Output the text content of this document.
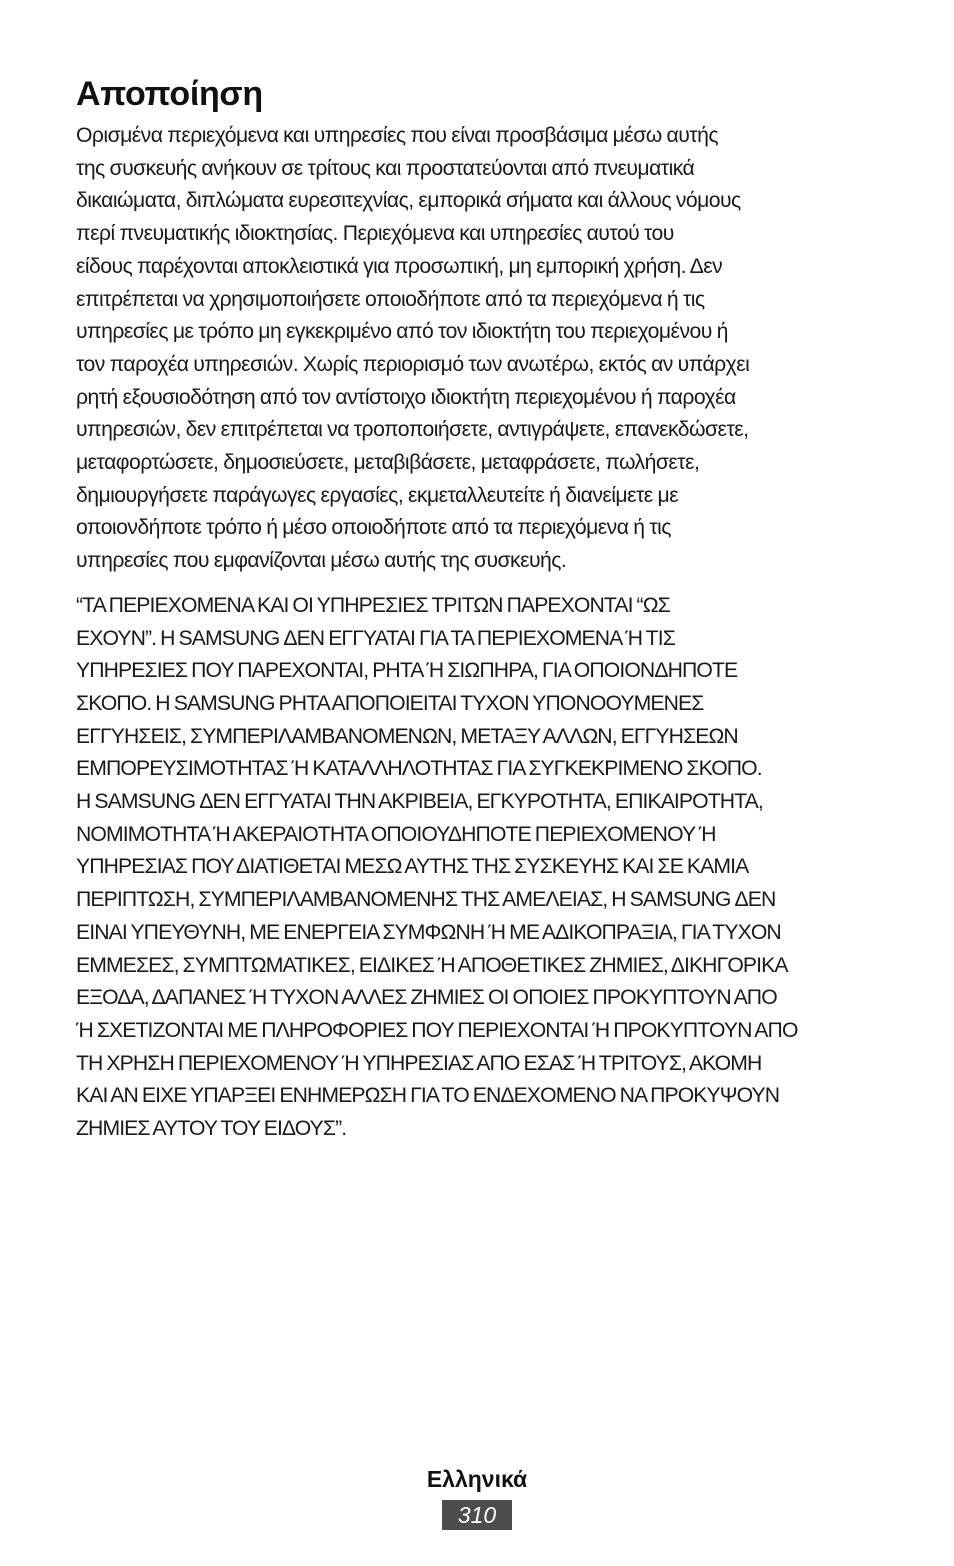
Αποποίηση

Ορισμένα περιεχόμενα και υπηρεσίες που είναι προσβάσιμα μέσω αυτής
της συσκευής ανήκουν σε τρίτους και προστατεύονται από πνευματικά
δικαιώματα, διπλώματα ευρεσιτεχνίας, εμπορικά σήματα και άλλους νόμους
περί πνευματικής ιδιοκτησίας. Περιεχόμενα και υπηρεσίες αυτού του
είδους παρέχονται αποκλειστικά για προσωπική, μη εμπορική χρήση. Δεν
επιτρέπεται να χρησιμοποιήσετε οποιοδήποτε από τα περιεχόμενα ή τις
υπηρεσίες με τρόπο μη εγκεκριμένο από τον ιδιοκτήτη του περιεχομένου ή
τον παροχέα υπηρεσιών. Χωρίς περιορισμό των ανωτέρω, εκτός αν υπάρχει
ρητή εξουσιοδότηση από τον αντίστοιχο ιδιοκτήτη περιεχομένου ή παροχέα
υπηρεσιών, δεν επιτρέπεται να τροποποιήσετε, αντιγράψετε, επανεκδώσετε,
μεταφορτώσετε, δημοσιεύσετε, μεταβιβάσετε, μεταφράσετε, πωλήσετε,
δημιουργήσετε παράγωγες εργασίες, εκμεταλλευτείτε ή διανείμετε με
οποιονδήποτε τρόπο ή μέσο οποιοδήποτε από τα περιεχόμενα ή τις
υπηρεσίες που εμφανίζονται μέσω αυτής της συσκευής.

“ΤΑ ΠΕΡΙΕΧΟΜΕΝΑ ΚΑΙ ΟΙ ΥΠΗΡΕΣΙΕΣ ΤΡΙΤΩΝ ΠΑΡΕΧΟΝΤΑΙ “ΩΣ
ΕΧΟΥΝ”. Η SAMSUNG ΔΕΝ ΕΓΓΥΑΤΑΙ ΓΙΑ ΤΑ ΠΕΡΙΕΧΟΜΕΝΑ Ή ΤΙΣ
ΥΠΗΡΕΣΙΕΣ ΠΟΥ ΠΑΡΕΧΟΝΤΑΙ, ΡΗΤΑ Ή ΣΙΩΠΗΡΑ, ΓΙΑ ΟΠΟΙΟΝΔΗΠΟΤΕ
ΣΚΟΠΟ. Η SAMSUNG ΡΗΤΑ ΑΠΟΠΟΙΕΙΤΑΙ ΤΥΧΟΝ ΥΠΟΝΟΟΥΜΕΝΕΣ
ΕΓΓΥΗΣΕΙΣ, ΣΥΜΠΕΡΙΛΑΜΒΑΝΟΜΕΝΩΝ, ΜΕΤΑΞΥ ΑΛΛΩΝ, ΕΓΓΥΗΣΕΩΝ
ΕΜΠΟΡΕΥΣΙΜΟΤΗΤΑΣ Ή ΚΑΤΑΛΛΗΛΟΤΗΤΑΣ ΓΙΑ ΣΥΓΚΕΚΡΙΜΕΝΟ ΣΚΟΠΟ.
Η SAMSUNG ΔΕΝ ΕΓΓΥΑΤΑΙ ΤΗΝ ΑΚΡΙΒΕΙΑ, ΕΓΚΥΡΟΤΗΤΑ, ΕΠΙΚΑΙΡΟΤΗΤΑ,
ΝΟΜΙΜΟΤΗΤΑ Ή ΑΚΕΡΑΙΟΤΗΤΑ ΟΠΟΙΟΥΔΗΠΟΤΕ ΠΕΡΙΕΧΟΜΕΝΟΥ Ή
ΥΠΗΡΕΣΙΑΣ ΠΟΥ ΔΙΑΤΙΘΕΤΑΙ ΜΕΣΩ ΑΥΤΗΣ ΤΗΣ ΣΥΣΚΕΥΗΣ ΚΑΙ ΣΕ ΚΑΜΙΑ
ΠΕΡΙΠΤΩΣΗ, ΣΥΜΠΕΡΙΛΑΜΒΑΝΟΜΕΝΗΣ ΤΗΣ ΑΜΕΛΕΙΑΣ, Η SAMSUNG ΔΕΝ
ΕΙΝΑΙ ΥΠΕΥΘΥΝΗ, ΜΕ ΕΝΕΡΓΕΙΑ ΣΥΜΦΩΝΗ Ή ΜΕ ΑΔΙΚΟΠΡΑΞΙΑ, ΓΙΑ ΤΥΧΟΝ
ΕΜΜΕΣΕΣ, ΣΥΜΠΤΩΜΑΤΙΚΕΣ, ΕΙΔΙΚΕΣ Ή ΑΠΟΘΕΤΙΚΕΣ ΖΗΜΙΕΣ, ΔΙΚΗΓΟΡΙΚΑ
ΕΞΟΔΑ, ΔΑΠΑΝΕΣ Ή ΤΥΧΟΝ ΑΛΛΕΣ ΖΗΜΙΕΣ ΟΙ ΟΠΟΙΕΣ ΠΡΟΚΥΠΤΟΥΝ ΑΠΟ
Ή ΣΧΕΤΙΖΟΝΤΑΙ ΜΕ ΠΛΗΡΟΦΟΡΙΕΣ ΠΟΥ ΠΕΡΙΕΧΟΝΤΑΙ Ή ΠΡΟΚΥΠΤΟΥΝ ΑΠΟ
ΤΗ ΧΡΗΣΗ ΠΕΡΙΕΧΟΜΕΝΟΥ Ή ΥΠΗΡΕΣΙΑΣ ΑΠΟ ΕΣΑΣ Ή ΤΡΙΤΟΥΣ, ΑΚΟΜΗ
ΚΑΙ ΑΝ ΕΙΧΕ ΥΠΑΡΞΕΙ ΕΝΗΜΕΡΩΣΗ ΓΙΑ ΤΟ ΕΝΔΕΧΟΜΕΝΟ ΝΑ ΠΡΟΚΥΨΟΥΝ
ΖΗΜΙΕΣ ΑΥΤΟΥ ΤΟΥ ΕΙΔΟΥΣ”.

Ελληνικά
310
